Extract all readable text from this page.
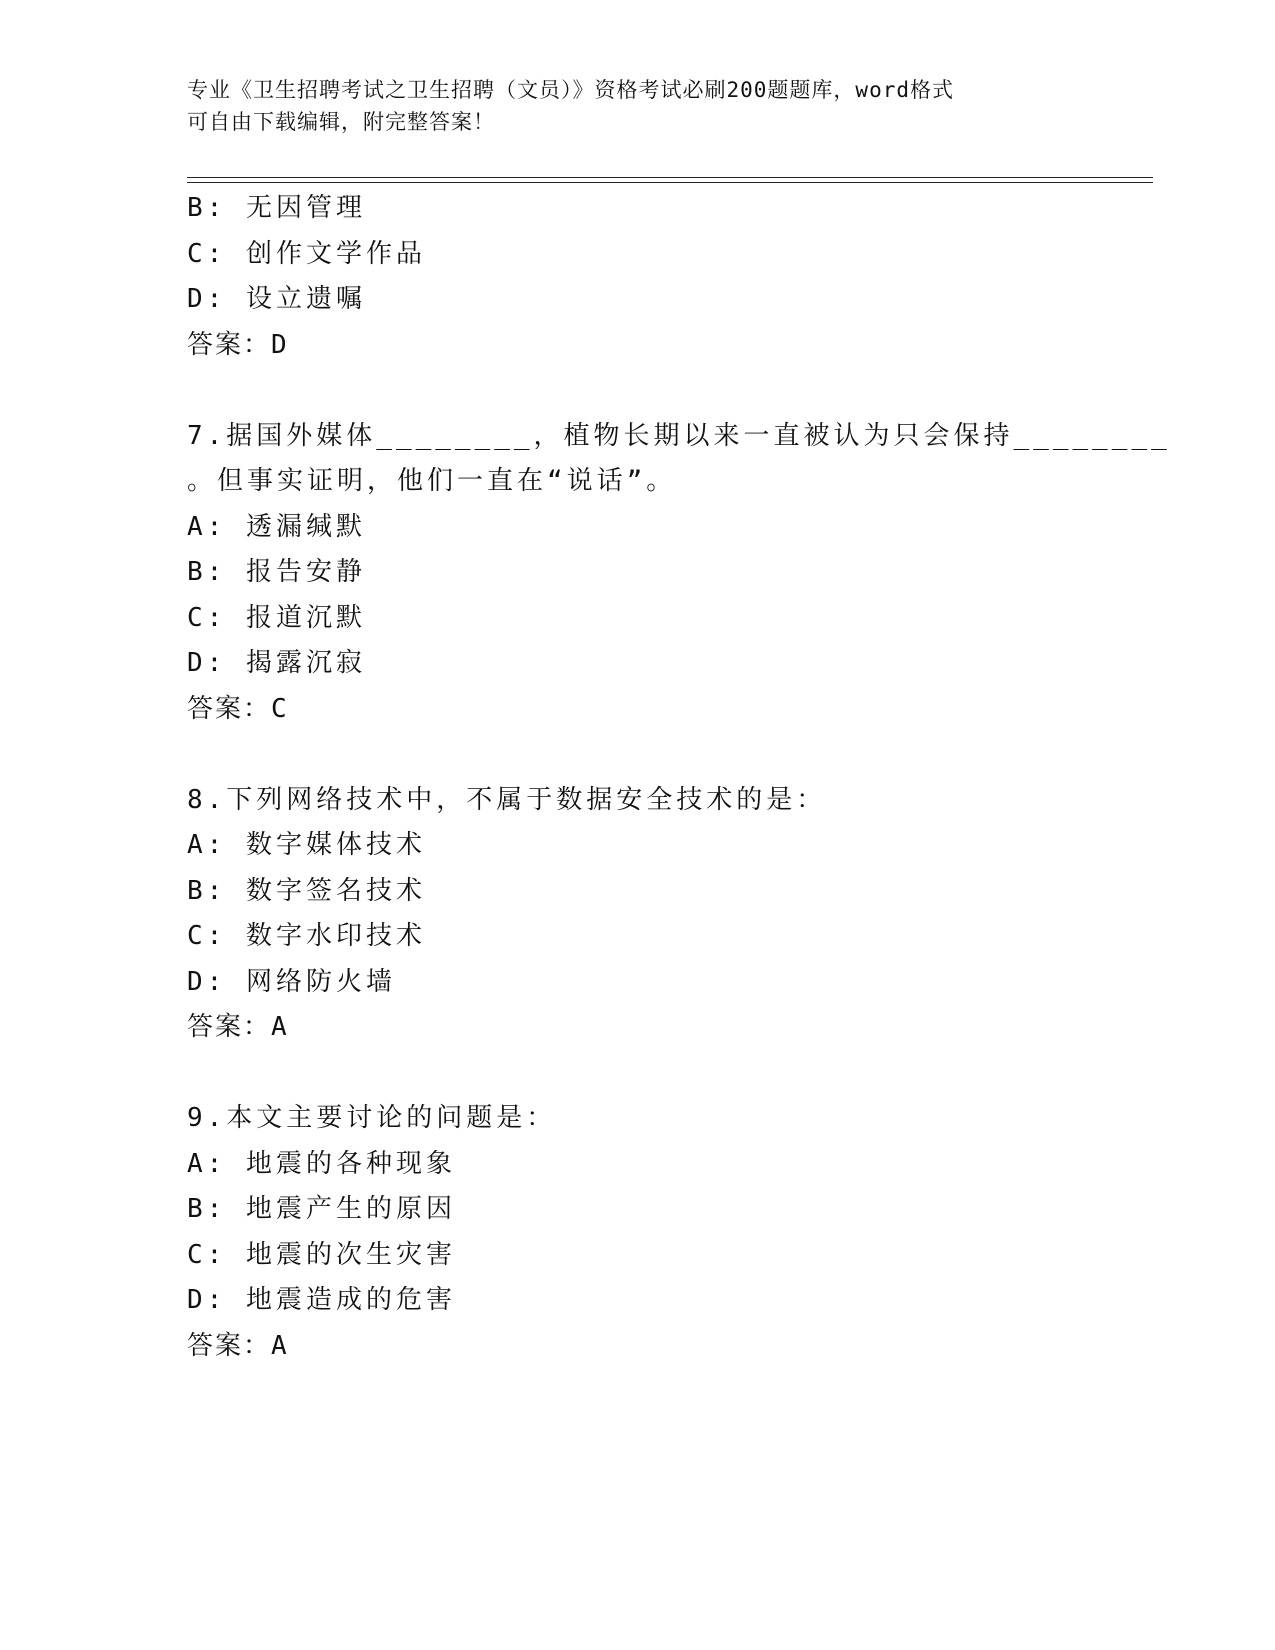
专业《卫生招聘考试之卫生招聘（文员）》资格考试必刷200题题库，word格式
可自由下载编辑，附完整答案！
B: 无因管理
C: 创作文学作品
D: 设立遗嘱
答案：D
7.据国外媒体________，植物长期以来一直被认为只会保持________
。但事实证明，他们一直在“说话”。
A: 透漏缄默
B: 报告安静
C: 报道沉默
D: 揭露沉寂
答案：C
8.下列网络技术中，不属于数据安全技术的是：
A: 数字媒体技术
B: 数字签名技术
C: 数字水印技术
D: 网络防火墙
答案：A
9.本文主要讨论的问题是：
A: 地震的各种现象
B: 地震产生的原因
C: 地震的次生灾害
D: 地震造成的危害
答案：A
